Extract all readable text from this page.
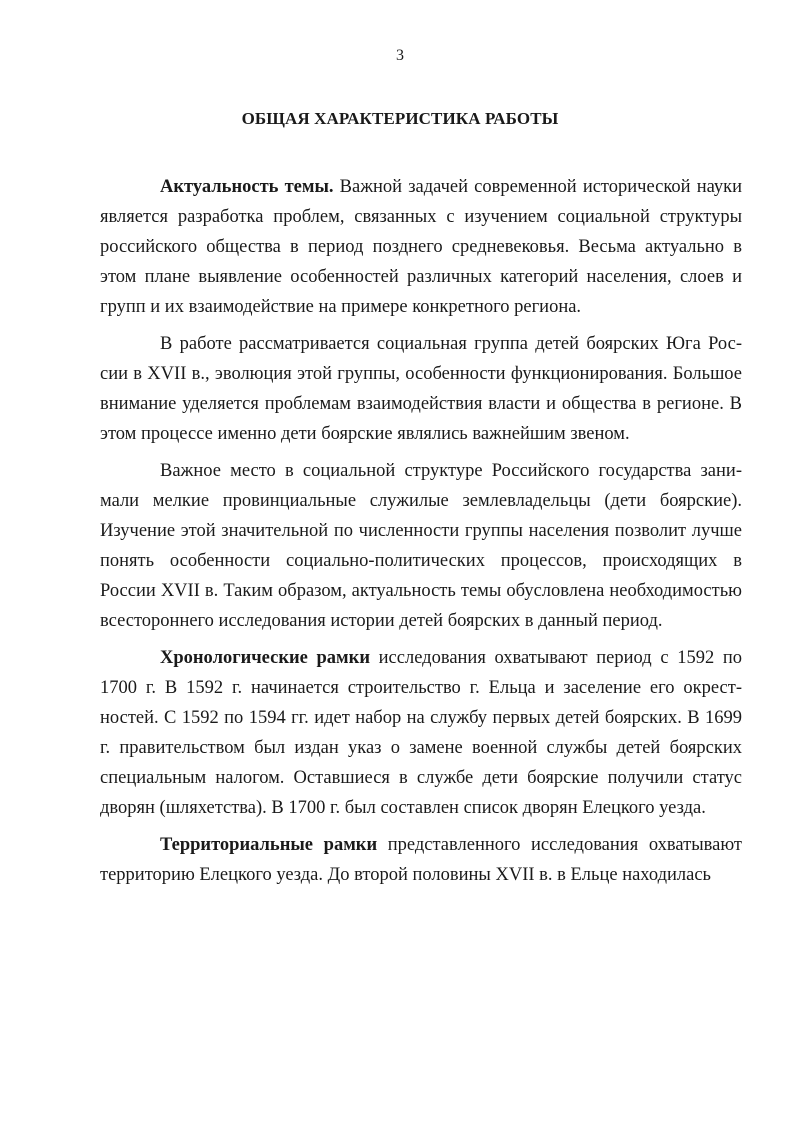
3
ОБЩАЯ ХАРАКТЕРИСТИКА РАБОТЫ

Актуальность темы. Важной задачей современной исторической науки является разработка проблем, связанных с изучением социальной структуры российского общества в период позднего средневековья. Весьма актуально в этом плане выявление особенностей различных категорий населения, слоев и групп и их взаимодействие на примере конкретного региона.

В работе рассматривается социальная группа детей боярских Юга России в XVII в., эволюция этой группы, особенности функционирования. Большое внимание уделяется проблемам взаимодействия власти и общества в регионе. В этом процессе именно дети боярские являлись важнейшим звеном.

Важное место в социальной структуре Российского государства занимали мелкие провинциальные служилые землевладельцы (дети боярские). Изучение этой значительной по численности группы населения позволит лучше понять особенности социально-политических процессов, происходящих в России XVII в. Таким образом, актуальность темы обусловлена необходимостью всестороннего исследования истории детей боярских в данный период.

Хронологические рамки исследования охватывают период с 1592 по 1700 г. В 1592 г. начинается строительство г. Ельца и заселение его окрестностей. С 1592 по 1594 гг. идет набор на службу первых детей боярских. В 1699 г. правительством был издан указ о замене военной службы детей боярских специальным налогом. Оставшиеся в службе дети боярские получили статус дворян (шляхетства). В 1700 г. был составлен список дворян Елецкого уезда.

Территориальные рамки представленного исследования охватывают территорию Елецкого уезда. До второй половины XVII в. в Ельце находилась
